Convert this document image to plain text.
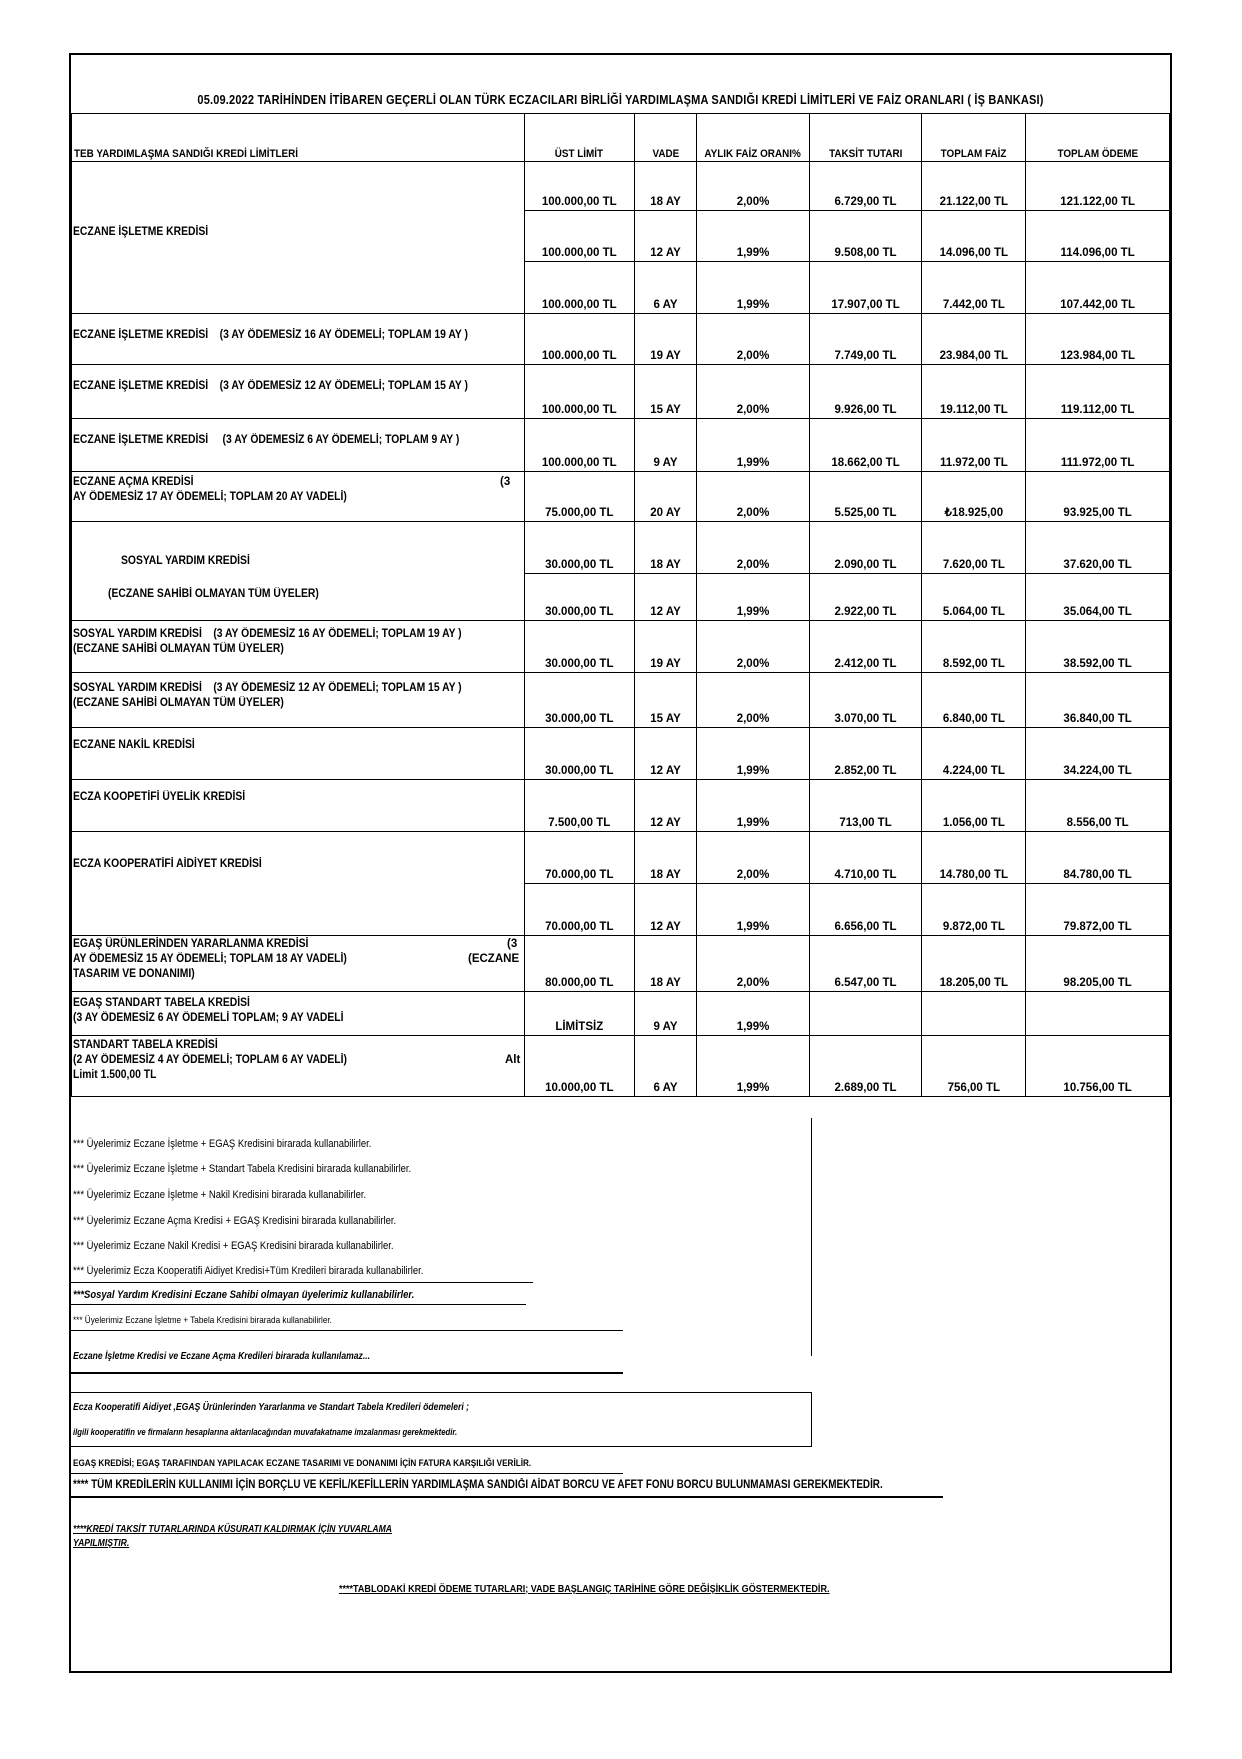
05.09.2022 TARİHİNDEN İTİBAREN GEÇERLİ OLAN TÜRK ECZACILARI BİRLİĞİ YARDIMLAŞMA SANDIĞI KREDİ LİMİTLERİ VE FAİZ ORANLARI ( İŞ BANKASI)
TEB YARDIMLAŞMA SANDIĞI KREDİ LİMİTLERİ	ÜST LİMİT	VADE	AYLIK FAİZ ORANI%	TAKSİT TUTARI	TOPLAM FAİZ	TOPLAM ÖDEME
ECZANE İŞLETME KREDİSİ	100.000,00 TL	18 AY	2,00%	6.729,00 TL	21.122,00 TL	121.122,00 TL
	100.000,00 TL	12 AY	1,99%	9.508,00 TL	14.096,00 TL	114.096,00 TL
	100.000,00 TL	6 AY	1,99%	17.907,00 TL	7.442,00 TL	107.442,00 TL
ECZANE İŞLETME KREDİSİ (3 AY ÖDEMESİZ 16 AY ÖDEMELİ; TOPLAM 19 AY )	100.000,00 TL	19 AY	2,00%	7.749,00 TL	23.984,00 TL	123.984,00 TL
ECZANE İŞLETME KREDİSİ (3 AY ÖDEMESİZ 12 AY ÖDEMELİ; TOPLAM 15 AY )	100.000,00 TL	15 AY	2,00%	9.926,00 TL	19.112,00 TL	119.112,00 TL
ECZANE İŞLETME KREDİSİ (3 AY ÖDEMESİZ 6 AY ÖDEMELİ; TOPLAM 9 AY )	100.000,00 TL	9 AY	1,99%	18.662,00 TL	11.972,00 TL	111.972,00 TL

ECZANE AÇMA KREDİSİ (3
AY ÖDEMESİZ 17 AY ÖDEMELİ; TOPLAM 20 AY VADELİ)	75.000,00 TL	20 AY	2,00%	5.525,00 TL	₺18.925,00	93.925,00 TL

SOSYAL YARDIM KREDİSİ
(ECZANE SAHİBİ OLMAYAN TÜM ÜYELER)	30.000,00 TL	18 AY	2,00%	2.090,00 TL	7.620,00 TL	37.620,00 TL
	30.000,00 TL	12 AY	1,99%	2.922,00 TL	5.064,00 TL	35.064,00 TL

SOSYAL YARDIM KREDİSİ (3 AY ÖDEMESİZ 16 AY ÖDEMELİ; TOPLAM 19 AY )
(ECZANE SAHİBİ OLMAYAN TÜM ÜYELER)	30.000,00 TL	19 AY	2,00%	2.412,00 TL	8.592,00 TL	38.592,00 TL

SOSYAL YARDIM KREDİSİ (3 AY ÖDEMESİZ 12 AY ÖDEMELİ; TOPLAM 15 AY )
(ECZANE SAHİBİ OLMAYAN TÜM ÜYELER)	30.000,00 TL	15 AY	2,00%	3.070,00 TL	6.840,00 TL	36.840,00 TL
ECZANE NAKİL KREDİSİ	30.000,00 TL	12 AY	1,99%	2.852,00 TL	4.224,00 TL	34.224,00 TL
ECZA KOOPETİFİ ÜYELİK KREDİSİ	7.500,00 TL	12 AY	1,99%	713,00 TL	1.056,00 TL	8.556,00 TL
ECZA KOOPERATİFİ AİDİYET KREDİSİ	70.000,00 TL	18 AY	2,00%	4.710,00 TL	14.780,00 TL	84.780,00 TL
	70.000,00 TL	12 AY	1,99%	6.656,00 TL	9.872,00 TL	79.872,00 TL

EGAŞ ÜRÜNLERİNDEN YARARLANMA KREDİSİ (3
AY ÖDEMESİZ 15 AY ÖDEMELİ; TOPLAM 18 AY VADELİ) (ECZANE
TASARIM VE DONANIMI)	80.000,00 TL	18 AY	2,00%	6.547,00 TL	18.205,00 TL	98.205,00 TL

EGAŞ STANDART TABELA KREDİSİ
(3 AY ÖDEMESİZ 6 AY ÖDEMELİ TOPLAM; 9 AY VADELİ	LİMİTSİZ	9 AY	1,99%			

STANDART TABELA KREDİSİ
(2 AY ÖDEMESİZ 4 AY ÖDEMELİ; TOPLAM 6 AY VADELİ) Alt
Limit 1.500,00 TL	10.000,00 TL	6 AY	1,99%	2.689,00 TL	756,00 TL	10.756,00 TL
*** Üyelerimiz Eczane İşletme + EGAŞ Kredisini birarada kullanabilirler.
*** Üyelerimiz Eczane İşletme + Standart Tabela Kredisini birarada kullanabilirler.
*** Üyelerimiz Eczane İşletme + Nakil Kredisini birarada kullanabilirler.
*** Üyelerimiz Eczane Açma Kredisi + EGAŞ Kredisini birarada kullanabilirler.
*** Üyelerimiz Eczane Nakil Kredisi + EGAŞ Kredisini birarada kullanabilirler.
*** Üyelerimiz Ecza Kooperatifi Aidiyet Kredisi+Tüm Kredileri birarada kullanabilirler.
***Sosyal Yardım Kredisini Eczane Sahibi olmayan üyelerimiz kullanabilirler.
*** Üyelerimiz Eczane İşletme + Tabela Kredisini birarada kullanabilirler.
Eczane İşletme Kredisi ve Eczane Açma Kredileri birarada kullanılamaz...
Ecza Kooperatifi Aidiyet ,EGAŞ Ürünlerinden Yararlanma ve Standart Tabela Kredileri ödemeleri ;
ilgili kooperatifin ve firmaların hesaplarına aktarılacağından muvafakatname imzalanması gerekmektedir.
EGAŞ KREDİSİ; EGAŞ TARAFINDAN YAPILACAK ECZANE TASARIMI VE DONANIMI İÇİN FATURA KARŞILIĞI VERİLİR.
**** TÜM KREDİLERİN KULLANIMI İÇİN BORÇLU VE KEFİL/KEFİLLERİN YARDIMLAŞMA SANDIĞI AİDAT BORCU VE AFET FONU BORCU BULUNMAMASI GEREKMEKTEDİR.
****KREDİ TAKSİT TUTARLARINDA KÜSURATI KALDIRMAK İÇİN YUVARLAMA
YAPILMIŞTIR.
****TABLODAKİ KREDİ ÖDEME TUTARLARI; VADE BAŞLANGIÇ TARİHİNE GÖRE DEĞİŞİKLİK GÖSTERMEKTEDİR.
